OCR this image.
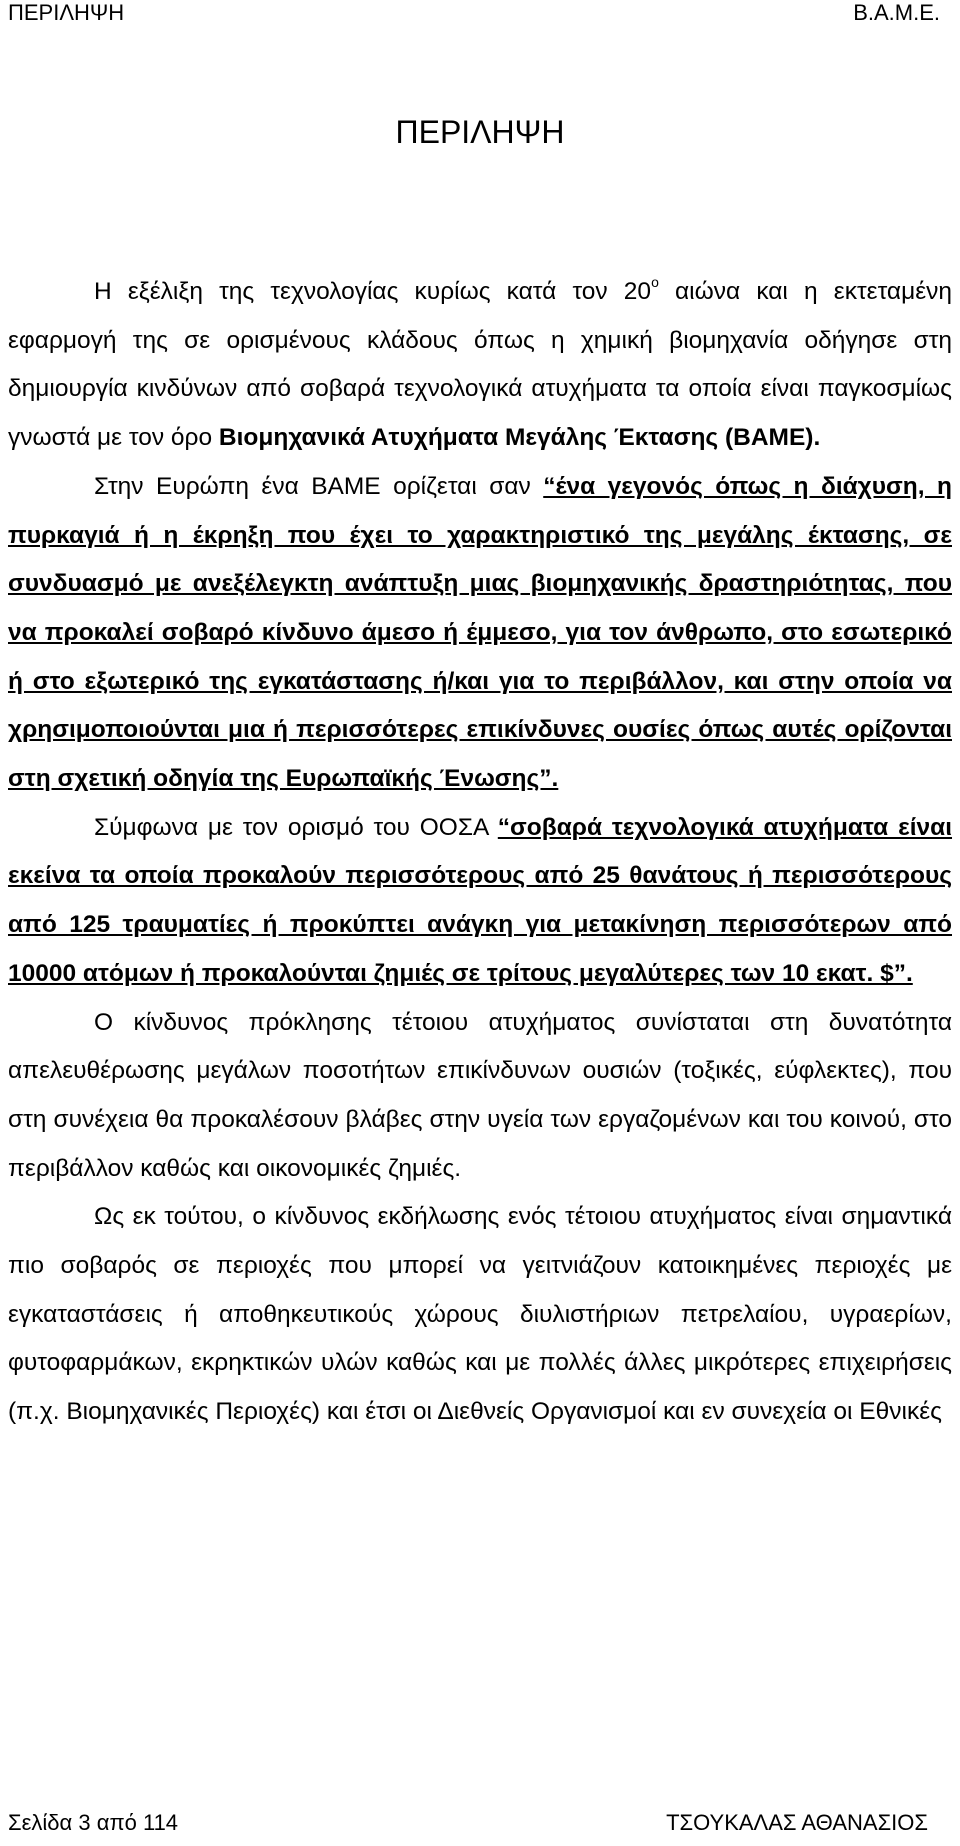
ΠΕΡΙΛΗΨΗ	Β.Α.Μ.Ε.
ΠΕΡΙΛΗΨΗ

Η εξέλιξη της τεχνολογίας κυρίως κατά τον $20^o$ αιώνα και η εκτεταμένη εφαρμογή της σε ορισμένους κλάδους όπως η χημική βιομηχανία οδήγησε στη δημιουργία κινδύνων από σοβαρά τεχνολογικά ατυχήματα τα οποία είναι παγκοσμίως γνωστά με τον όρο Βιομηχανικά Ατυχήματα Μεγάλης Έκτασης (ΒΑΜΕ).

Στην Ευρώπη ένα ΒΑΜΕ ορίζεται σαν “ένα γεγονός όπως η διάχυση, η πυρκαγιά ή η έκρηξη που έχει το χαρακτηριστικό της μεγάλης έκτασης, σε συνδυασμό με ανεξέλεγκτη ανάπτυξη μιας βιομηχανικής δραστηριότητας, που να προκαλεί σοβαρό κίνδυνο άμεσο ή έμμεσο, για τον άνθρωπο, στο εσωτερικό ή στο εξωτερικό της εγκατάστασης ή/και για το περιβάλλον, και στην οποία να χρησιμοποιούνται μια ή περισσότερες επικίνδυνες ουσίες όπως αυτές ορίζονται στη σχετική οδηγία της Ευρωπαϊκής Ένωσης”.

Σύμφωνα με τον ορισμό του ΟΟΣΑ “σοβαρά τεχνολογικά ατυχήματα είναι εκείνα τα οποία προκαλούν περισσότερους από 25 θανάτους ή περισσότερους από 125 τραυματίες ή προκύπτει ανάγκη για μετακίνηση περισσότερων από 10000 ατόμων ή προκαλούνται ζημιές σε τρίτους μεγαλύτερες των 10 εκατ. $”.

Ο κίνδυνος πρόκλησης τέτοιου ατυχήματος συνίσταται στη δυνατότητα απελευθέρωσης μεγάλων ποσοτήτων επικίνδυνων ουσιών (τοξικές, εύφλεκτες), που στη συνέχεια θα προκαλέσουν βλάβες στην υγεία των εργαζομένων και του κοινού, στο περιβάλλον καθώς και οικονομικές ζημιές.

Ως εκ τούτου, ο κίνδυνος εκδήλωσης ενός τέτοιου ατυχήματος είναι σημαντικά πιο σοβαρός σε περιοχές που μπορεί να γειτνιάζουν κατοικημένες περιοχές με εγκαταστάσεις ή αποθηκευτικούς χώρους διυλιστήριων πετρελαίου, υγραερίων, φυτοφαρμάκων, εκρηκτικών υλών καθώς και με πολλές άλλες μικρότερες επιχειρήσεις (π.χ. Βιομηχανικές Περιοχές) και έτσι οι Διεθνείς Οργανισμοί και εν συνεχεία οι Εθνικές

Σελίδα 3 από 114	ΤΣΟΥΚΑΛΑΣ ΑΘΑΝΑΣΙΟΣ
